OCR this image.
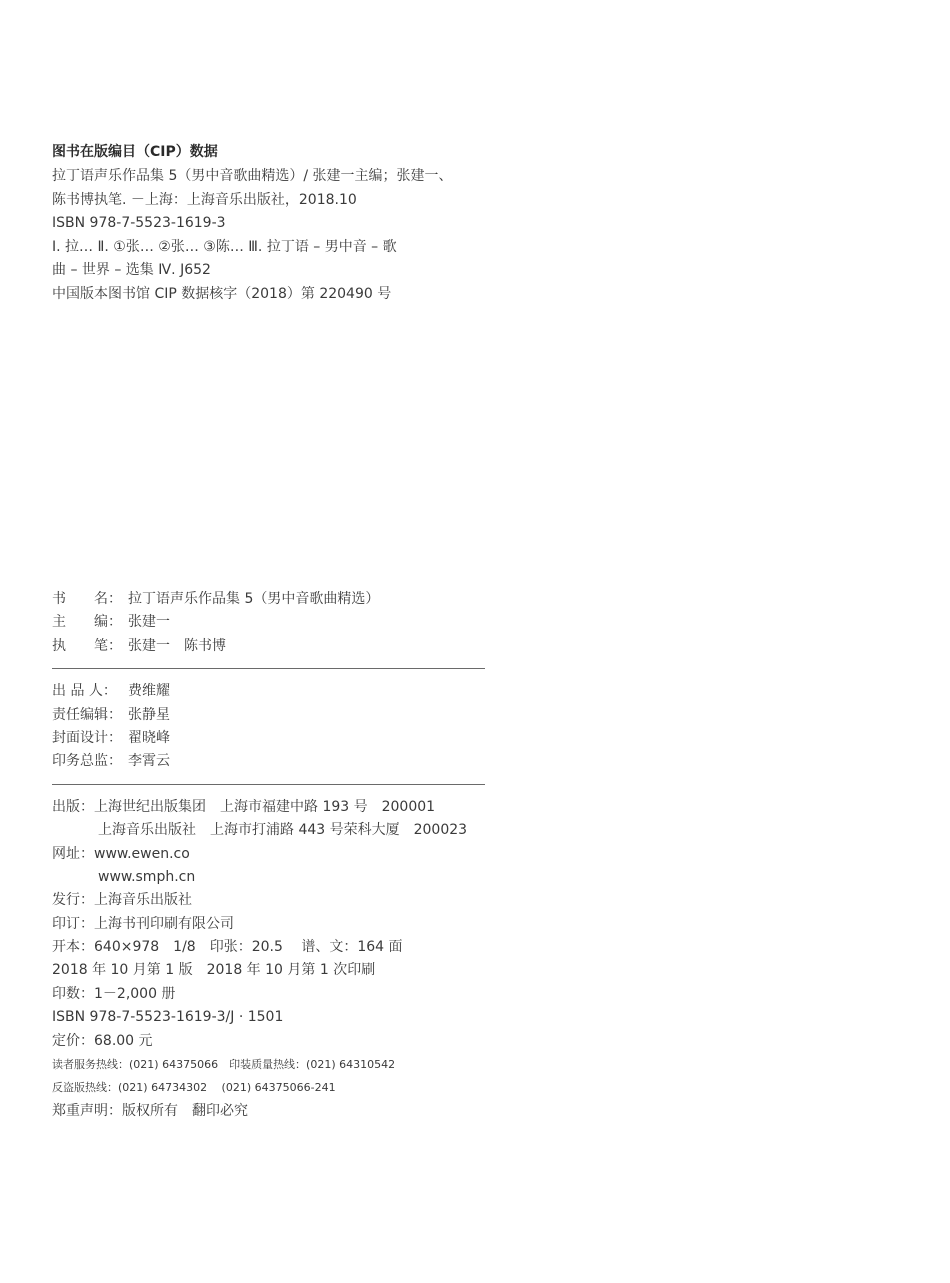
图书在版编目（CIP）数据
拉丁语声乐作品集 5（男中音歌曲精选）/ 张建一主编；张建一、
陈书博执笔. －上海：上海音乐出版社，2018.10
ISBN 978-7-5523-1619-3
Ⅰ. 拉… Ⅱ. ①张… ②张… ③陈… Ⅲ. 拉丁语 – 男中音 – 歌
曲 – 世界 – 选集 Ⅳ. J652
中国版本图书馆 CIP 数据核字（2018）第 220490 号
书　　名： 拉丁语声乐作品集 5（男中音歌曲精选）
主　　编： 张建一
执　　笔： 张建一　陈书博
出 品 人： 费维耀
责任编辑： 张静星
封面设计： 翟晓峰
印务总监： 李霄云
出版：上海世纪出版集团　上海市福建中路 193 号　200001
上海音乐出版社　上海市打浦路 443 号荣科大厦　200023
网址：www.ewen.co
www.smph.cn
发行：上海音乐出版社
印订：上海书刊印刷有限公司
开本：640×978　1/8　印张：20.5　 谱、文：164 面
2018 年 10 月第 1 版　2018 年 10 月第 1 次印刷
印数：1－2,000 册
ISBN 978-7-5523-1619-3/J · 1501
定价：68.00 元
读者服务热线：(021) 64375066　印装质量热线：(021) 64310542
反盗版热线：(021) 64734302　 (021) 64375066-241
郑重声明：版权所有　翻印必究
